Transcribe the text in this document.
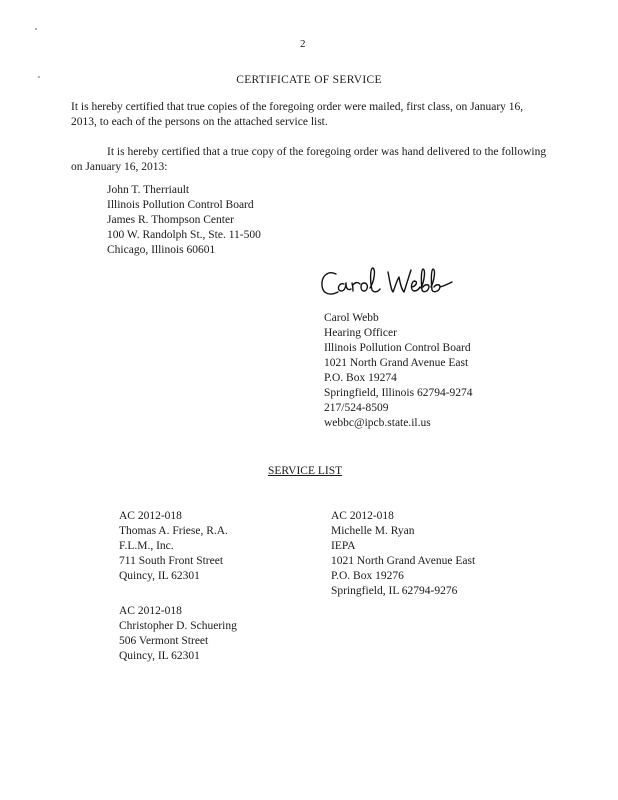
2
CERTIFICATE OF SERVICE
It is hereby certified that true copies of the foregoing order were mailed, first class, on January 16, 2013, to each of the persons on the attached service list.
It is hereby certified that a true copy of the foregoing order was hand delivered to the following on January 16, 2013:
John T. Therriault
Illinois Pollution Control Board
James R. Thompson Center
100 W. Randolph St., Ste. 11-500
Chicago, Illinois 60601
Carol Webb
Hearing Officer
Illinois Pollution Control Board
1021 North Grand Avenue East
P.O. Box 19274
Springfield, Illinois 62794-9274
217/524-8509
webbc@ipcb.state.il.us
SERVICE LIST
AC 2012-018
Thomas A. Friese, R.A.
F.L.M., Inc.
711 South Front Street
Quincy, IL 62301
AC 2012-018
Michelle M. Ryan
IEPA
1021 North Grand Avenue East
P.O. Box 19276
Springfield, IL 62794-9276
AC 2012-018
Christopher D. Schuering
506 Vermont Street
Quincy, IL 62301
